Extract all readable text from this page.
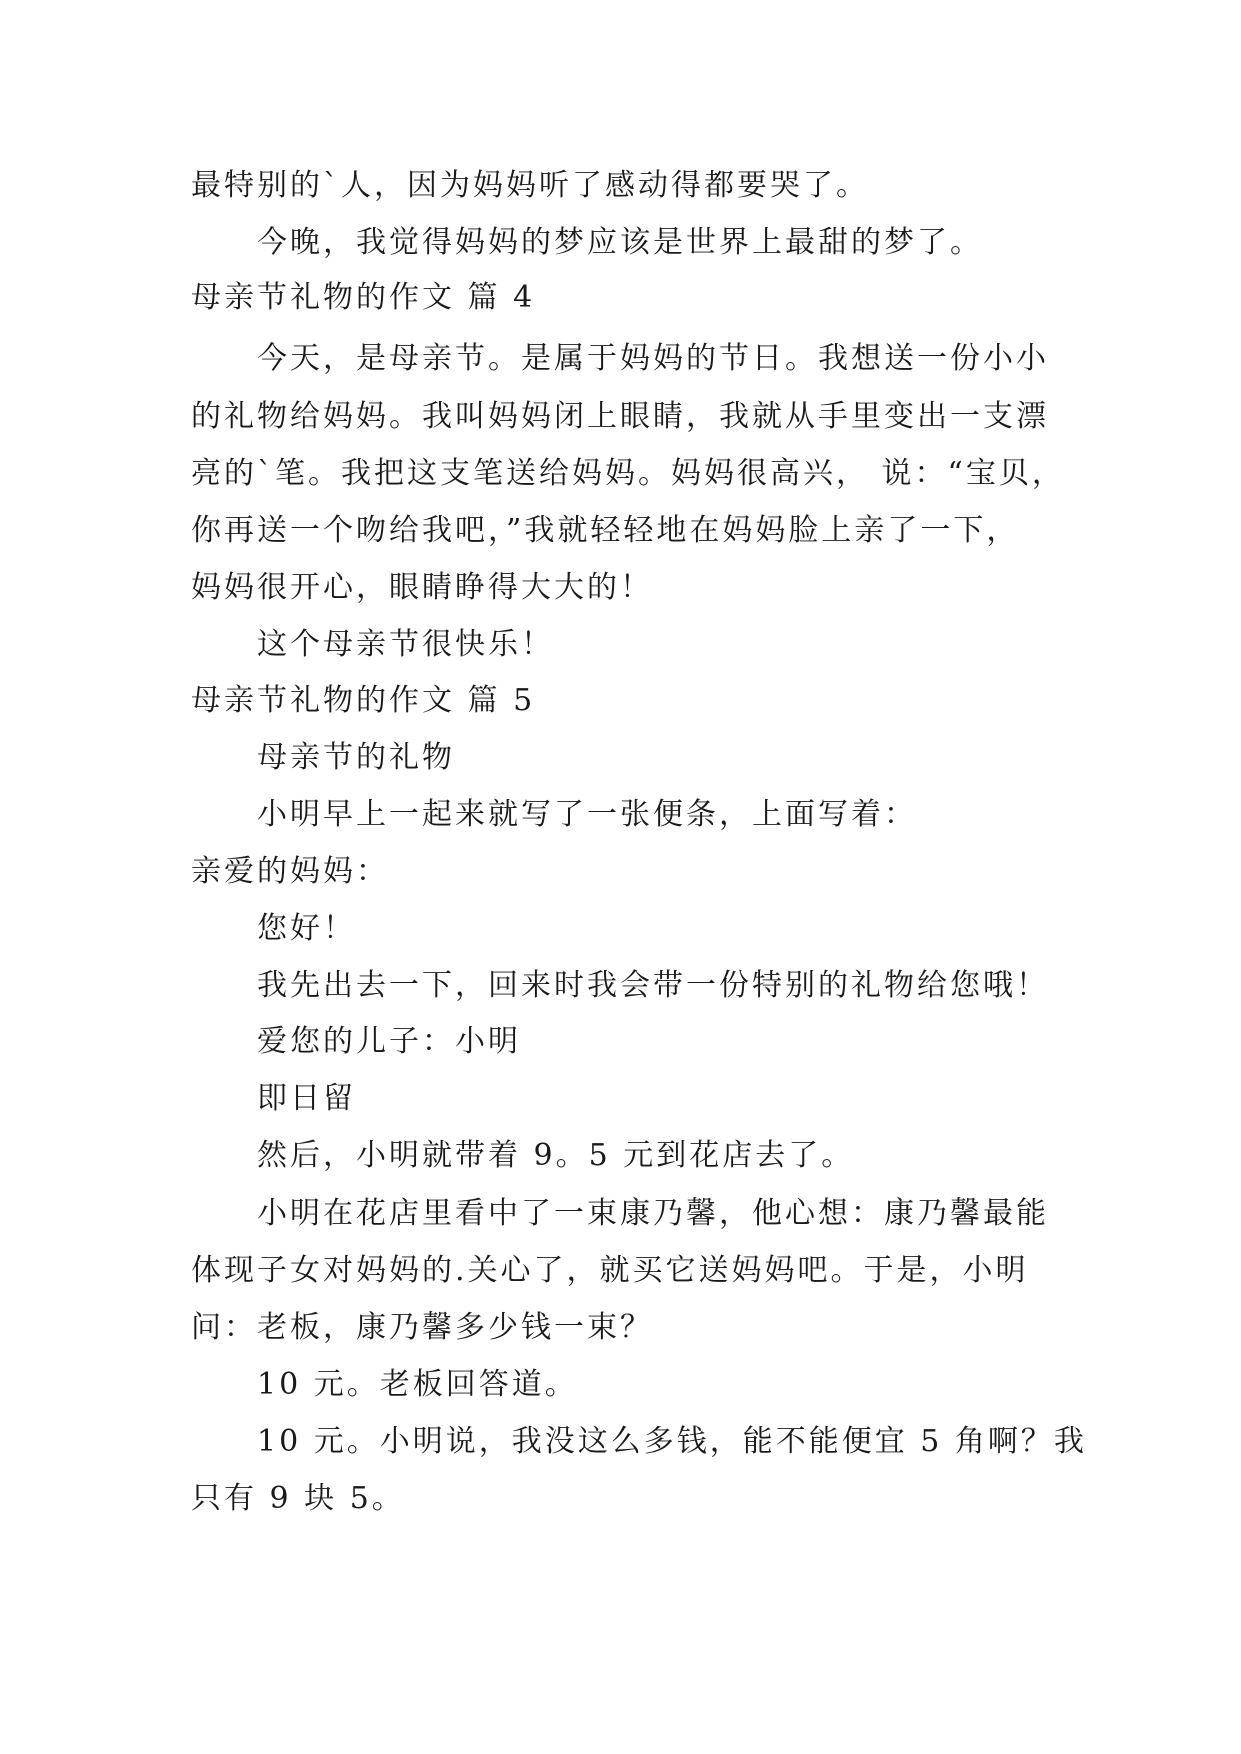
最特别的`人，因为妈妈听了感动得都要哭了。
今晚，我觉得妈妈的梦应该是世界上最甜的梦了。
母亲节礼物的作文 篇 4
今天，是母亲节。是属于妈妈的节日。我想送一份小小
的礼物给妈妈。我叫妈妈闭上眼睛，我就从手里变出一支漂
亮的`笔。我把这支笔送给妈妈。妈妈很高兴， 说：“宝贝，
你再送一个吻给我吧，”我就轻轻地在妈妈脸上亲了一下，
妈妈很开心，眼睛睁得大大的！
这个母亲节很快乐！
母亲节礼物的作文 篇 5
母亲节的礼物
小明早上一起来就写了一张便条，上面写着：
亲爱的妈妈：
您好！
我先出去一下，回来时我会带一份特别的礼物给您哦！
爱您的儿子：小明
即日留
然后，小明就带着 9。5 元到花店去了。
小明在花店里看中了一束康乃馨，他心想：康乃馨最能
体现子女对妈妈的.关心了，就买它送妈妈吧。于是，小明
问：老板，康乃馨多少钱一束？
10 元。老板回答道。
10 元。小明说，我没这么多钱，能不能便宜 5 角啊？我
只有 9 块 5。
